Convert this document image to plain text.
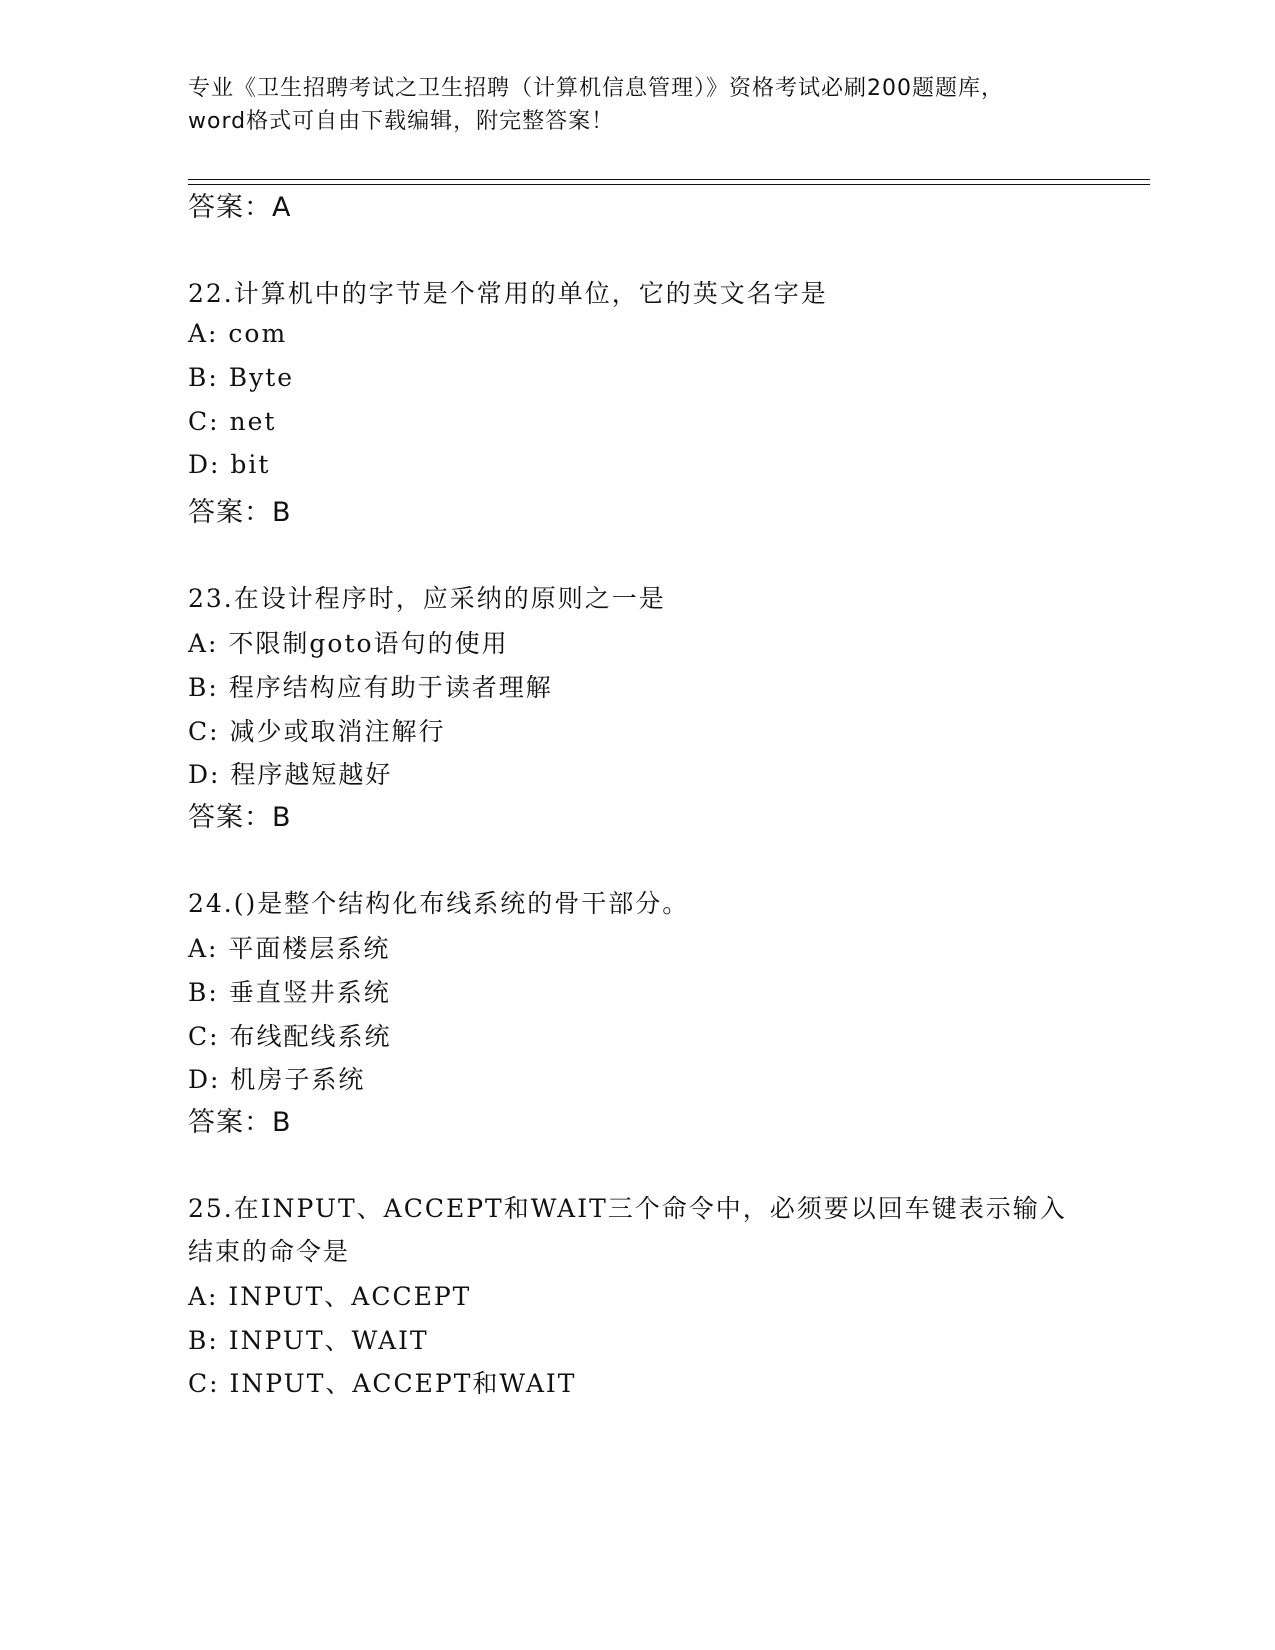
专业《卫生招聘考试之卫生招聘（计算机信息管理）》资格考试必刷200题题库，
word格式可自由下载编辑，附完整答案！
答案：A
22.计算机中的字节是个常用的单位，它的英文名字是
A: com
B: Byte
C: net
D: bit
答案：B
23.在设计程序时，应采纳的原则之一是
A: 不限制goto语句的使用
B: 程序结构应有助于读者理解
C: 减少或取消注解行
D: 程序越短越好
答案：B
24.()是整个结构化布线系统的骨干部分。
A: 平面楼层系统
B: 垂直竖井系统
C: 布线配线系统
D: 机房子系统
答案：B
25.在INPUT、ACCEPT和WAIT三个命令中，必须要以回车键表示输入
结束的命令是
A: INPUT、ACCEPT
B: INPUT、WAIT
C: INPUT、ACCEPT和WAIT
